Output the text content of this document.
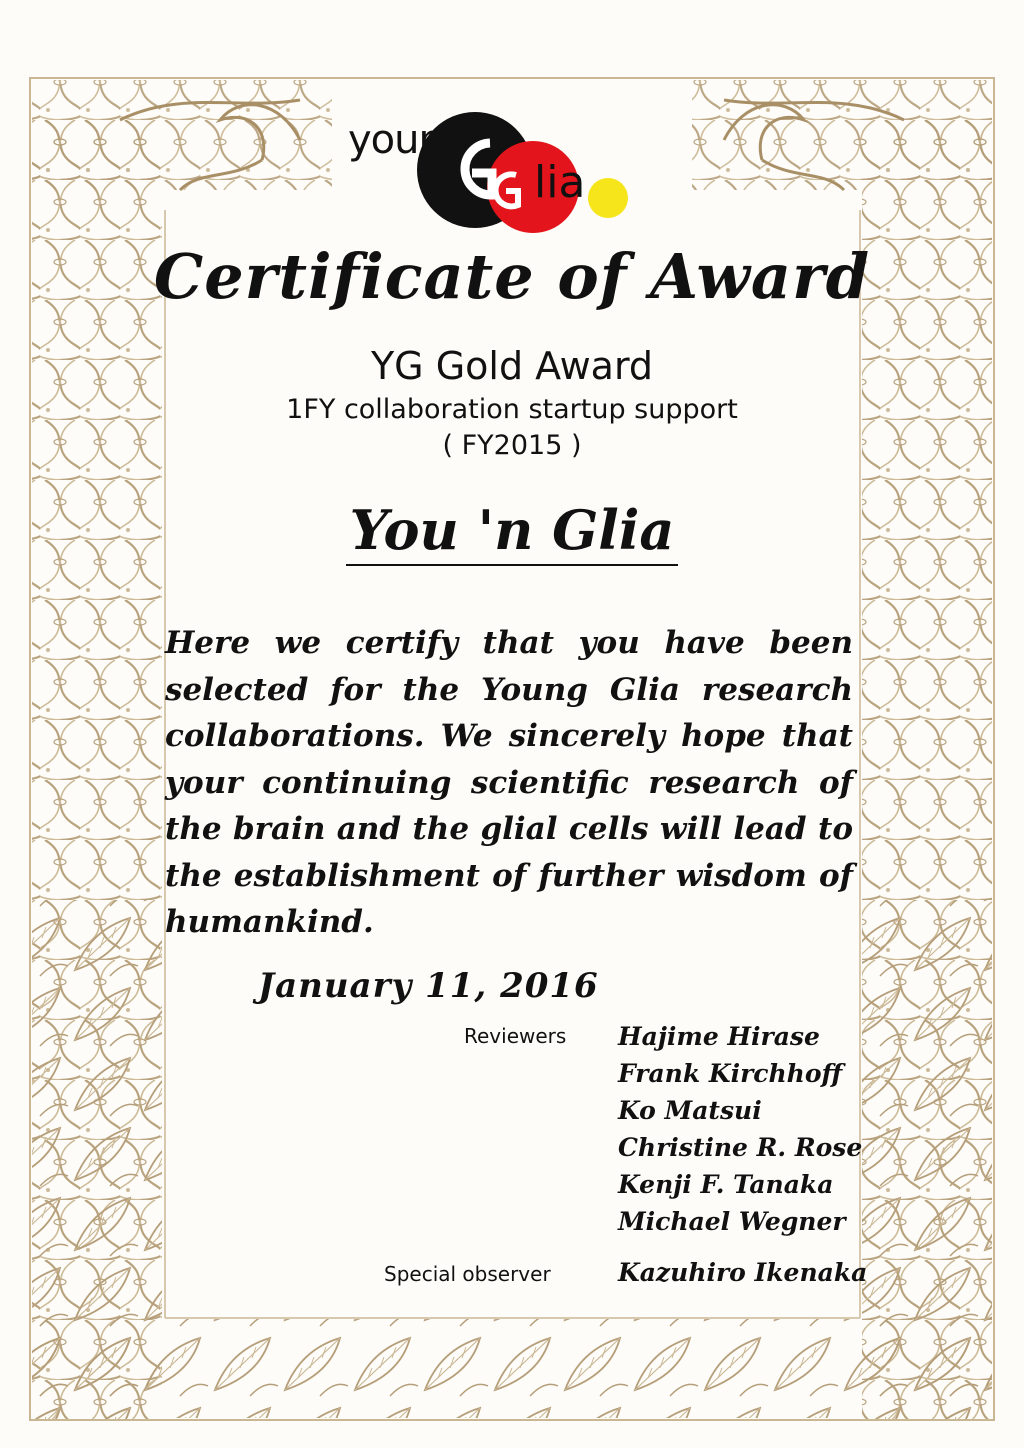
youn
lia
Certificate of Award
YG Gold Award
1FY collaboration startup support
( FY2015 )
You 'n Glia
Here we certify that you have been selected for the Young Glia research collaborations. We sincerely hope that your continuing scientific research of the brain and the glial cells will lead to the establishment of further wisdom of humankind.
January 11, 2016
Reviewers Hajime Hirase
Frank Kirchhoff
Ko Matsui
Christine R. Rose
Kenji F. Tanaka
Michael Wegner
Special observer	Kazuhiro Ikenaka
